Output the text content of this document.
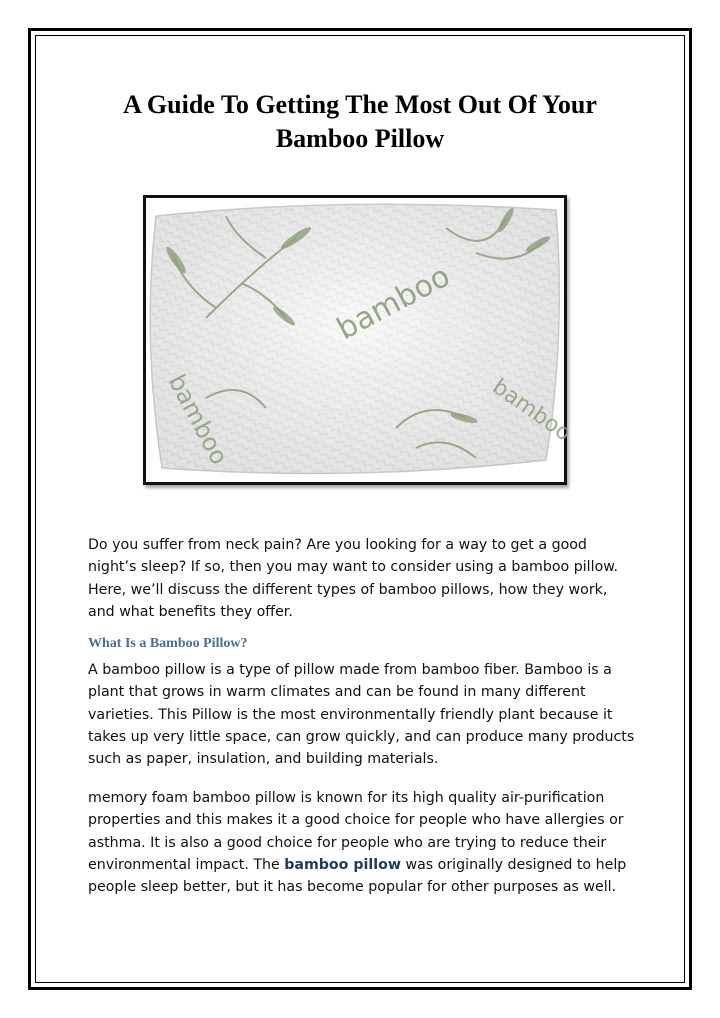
A Guide To Getting The Most Out Of Your
Bamboo Pillow
bamboo
bamboo	bamboo

Do you suffer from neck pain? Are you looking for a way to get a good night’s sleep? If so, then you may want to consider using a bamboo pillow. Here, we’ll discuss the different types of bamboo pillows, how they work, and what benefits they offer.

What Is a Bamboo Pillow?

A bamboo pillow is a type of pillow made from bamboo fiber. Bamboo is a plant that grows in warm climates and can be found in many different varieties. This Pillow is the most environmentally friendly plant because it takes up very little space, can grow quickly, and can produce many products such as paper, insulation, and building materials.

memory foam bamboo pillow is known for its high quality air-purification properties and this makes it a good choice for people who have allergies or asthma. It is also a good choice for people who are trying to reduce their environmental impact. The bamboo pillow was originally designed to help people sleep better, but it has become popular for other purposes as well.
